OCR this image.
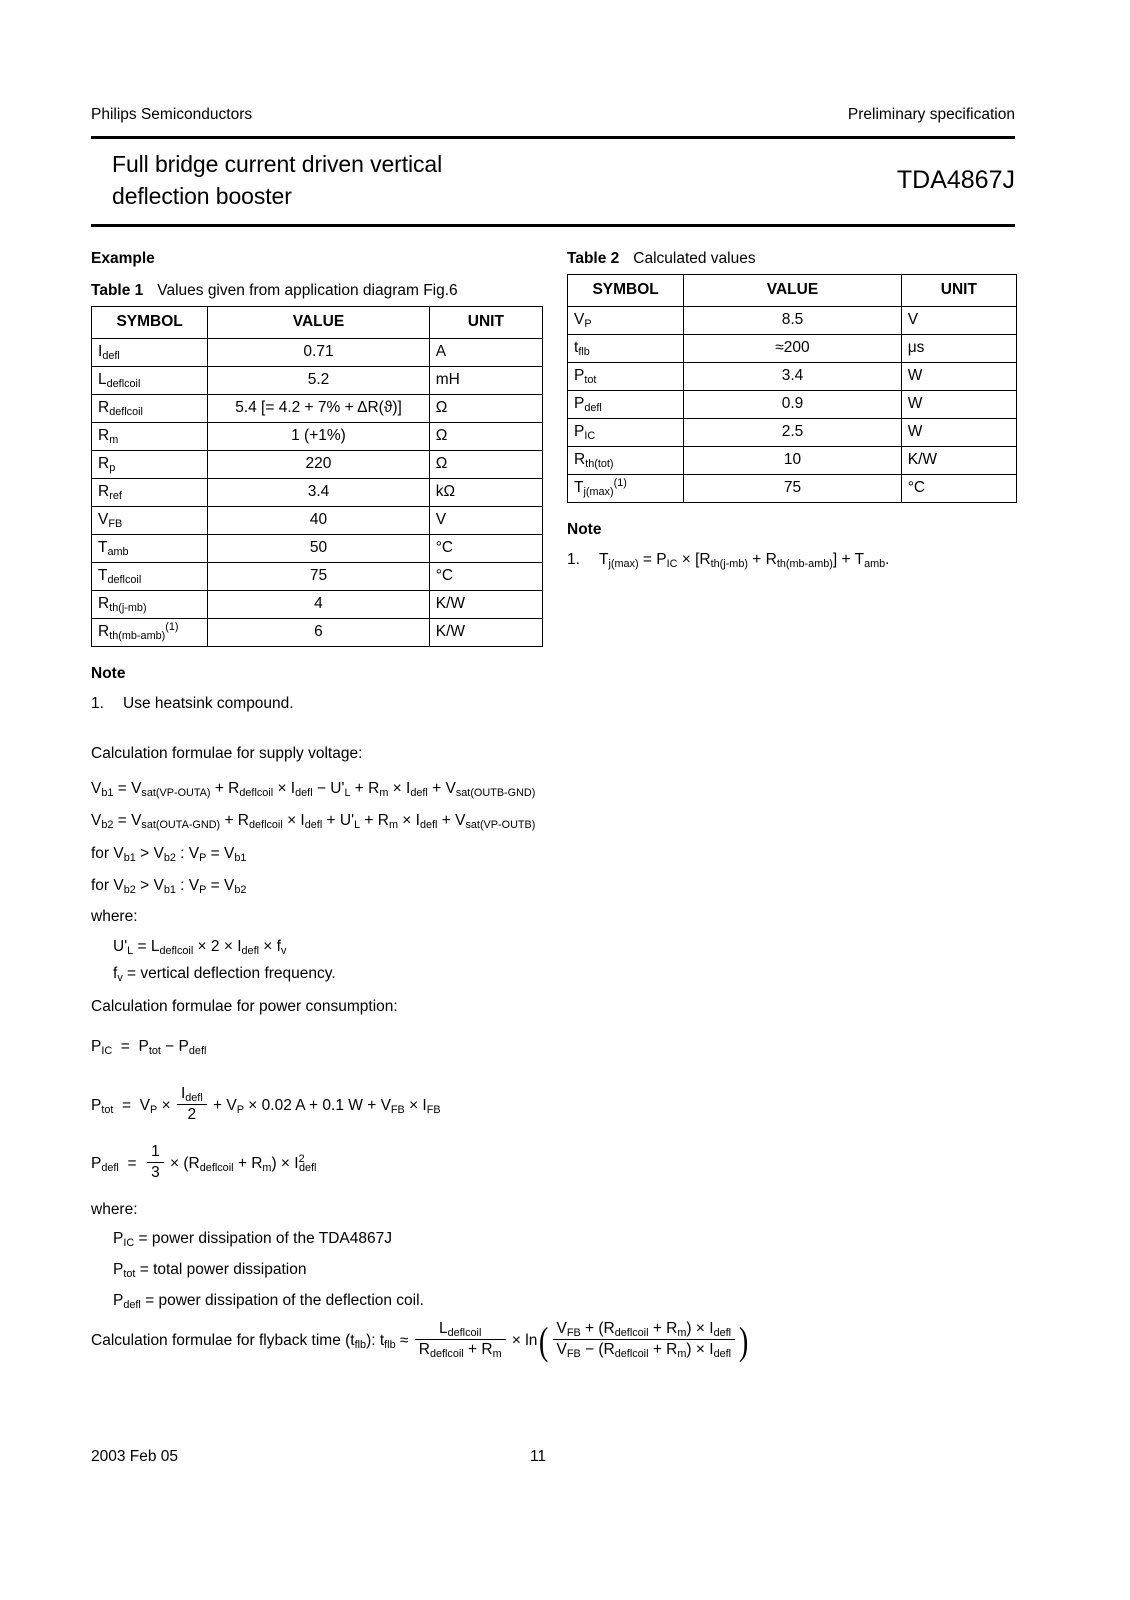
Philips Semiconductors	Preliminary specification
Full bridge current driven vertical
deflection booster
TDA4867J
Example
Table 1 Values given from application diagram Fig.6
SYMBOL	VALUE	UNIT
$I_{defl}$	0.71	A
$L_{deflcoil}$	5.2	mH
$R_{deflcoil}$	5.4 [= 4.2 + 7% + ΔR(ϑ)]	Ω
$R_m$	1 (+1%)	Ω
$R_p$	220	Ω
$R_{ref}$	3.4	kΩ
$V_{FB}$	40	V
$T_{amb}$	50	°C
$T_{deflcoil}$	75	°C
$R_{th(j-mb)}$	4	K/W
$R_{th(mb-amb)}^{(1)}$	6	K/W
Note
1.	Use heatsink compound.
Table 2 Calculated values
SYMBOL	VALUE	UNIT
$V_P$	8.5	V
$t_{flb}$	≈200	μs
$P_{tot}$	3.4	W
$P_{defl}$	0.9	W
$P_{IC}$	2.5	W
$R_{th(tot)}$	10	K/W
$T_{j(max)}^{(1)}$	75	°C
Note
1.	$T_{j(max)} = P_{IC} \times [R_{th(j-mb)} + R_{th(mb-amb)}] + T_{amb}$.
Calculation formulae for supply voltage:
$V_{b1} = V_{sat(VP-OUTA)} + R_{deflcoil} \times I_{defl} - U'_L + R_m \times I_{defl} + V_{sat(OUTB-GND)}$
$V_{b2} = V_{sat(OUTA-GND)} + R_{deflcoil} \times I_{defl} + U'_L + R_m \times I_{defl} + V_{sat(VP-OUTB)}$
for $V_{b1} > V_{b2}$ : $V_P = V_{b1}$
for $V_{b2} > V_{b1}$ : $V_P = V_{b2}$
where:
$U'_L = L_{deflcoil} \times 2 \times I_{defl} \times f_v$
$f_v$ = vertical deflection frequency.
Calculation formulae for power consumption:
$P_{IC} = P_{tot} - P_{defl}$
$P_{tot} = V_P \times \frac{I_{defl}}{2} + V_P \times 0.02$ A + 0.1 $W + V_{FB} \times I_{FB}$
$P_{defl} = \frac{1}{3} \times (R_{deflcoil} + R_m) \times I^2_{defl}$
where:
$P_{IC}$ = power dissipation of the TDA4867J
$P_{tot}$ = total power dissipation
$P_{defl}$ = power dissipation of the deflection coil.
Calculation formulae for flyback time $(t_{flb})$: $t_{flb} \approx \frac{L_{deflcoil}}{R_{deflcoil} + R_m} \times \ln( \frac{V_{FB} + (R_{deflcoil} + R_m) \times I_{defl}}{V_{FB} - (R_{deflcoil} + R_m) \times I_{defl}}$ )
2003 Feb 05	11
